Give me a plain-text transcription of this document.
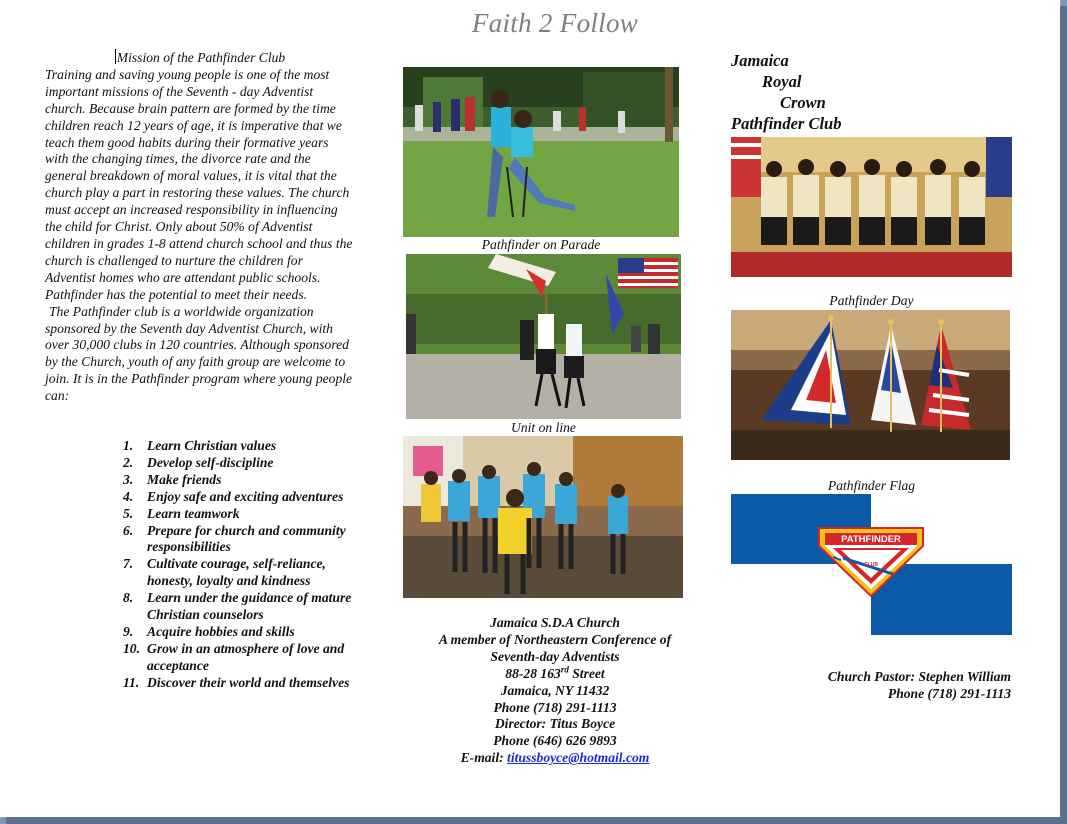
Faith 2 Follow

Mission of the Pathfinder Club

Training and saving young people is one of the most important missions of the Seventh - day Adventist church. Because brain pattern are formed by the time children reach 12 years of age, it is imperative that we teach them good habits during their formative years with the changing times, the divorce rate and the general breakdown of moral values, it is vital that the church play a part in restoring these values. The church must accept an increased responsibility in influencing the child for Christ. Only about 50% of Adventist children in grades 1-8 attend church school and thus the church is challenged to nurture the children for Adventist homes who are attendant public schools. Pathfinder has the potential to meet their needs.

The Pathfinder club is a worldwide organization sponsored by the Seventh day Adventist Church, with over 30,000 clubs in 120 countries. Although sponsored by the Church, youth of any faith group are welcome to join. It is in the Pathfinder program where young people can:

1. Learn Christian values
2. Develop self-discipline
3. Make friends
4. Enjoy safe and exciting adventures
5. Learn teamwork
6. Prepare for church and community responsibilities
7. Cultivate courage, self-reliance, honesty, loyalty and kindness
8. Learn under the guidance of mature Christian counselors
9. Acquire hobbies and skills
10. Grow in an atmosphere of love and acceptance
11. Discover their world and themselves
Pathfinder on Parade
Unit on line
Jamaica S.D.A Church
A member of Northeastern Conference of
Seventh-day Adventists
88-28 163rd Street
Jamaica, NY 11432
Phone (718) 291-1113
Director: Titus Boyce
Phone (646) 626 9893
E-mail: titussboyce@hotmail.com
Jamaica
Royal
Crown
Pathfinder Club
Pathfinder Day
Pathfinder Flag
PATHFINDER
CLUB
Church Pastor: Stephen William
Phone (718) 291-1113
